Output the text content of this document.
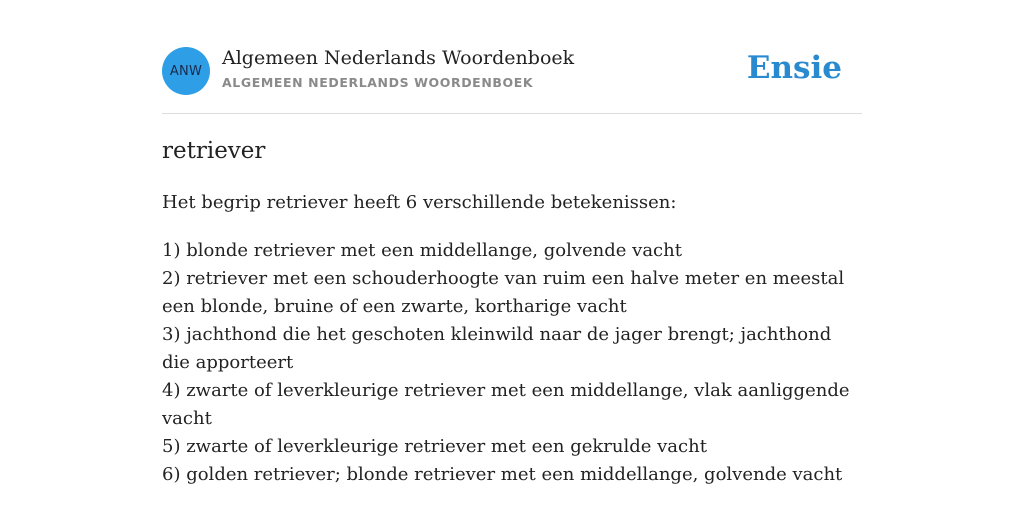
ANW
Algemeen Nederlands Woordenboek
ALGEMEEN NEDERLANDS WOORDENBOEK	Ensie
retriever

Het begrip retriever heeft 6 verschillende betekenissen:

1) blonde retriever met een middellange, golvende vacht
2) retriever met een schouderhoogte van ruim een halve meter en meestal een blonde, bruine of een zwarte, kortharige vacht
3) jachthond die het geschoten kleinwild naar de jager brengt; jachthond die apporteert
4) zwarte of leverkleurige retriever met een middellange, vlak aanliggende vacht
5) zwarte of leverkleurige retriever met een gekrulde vacht
6) golden retriever; blonde retriever met een middellange, golvende vacht
